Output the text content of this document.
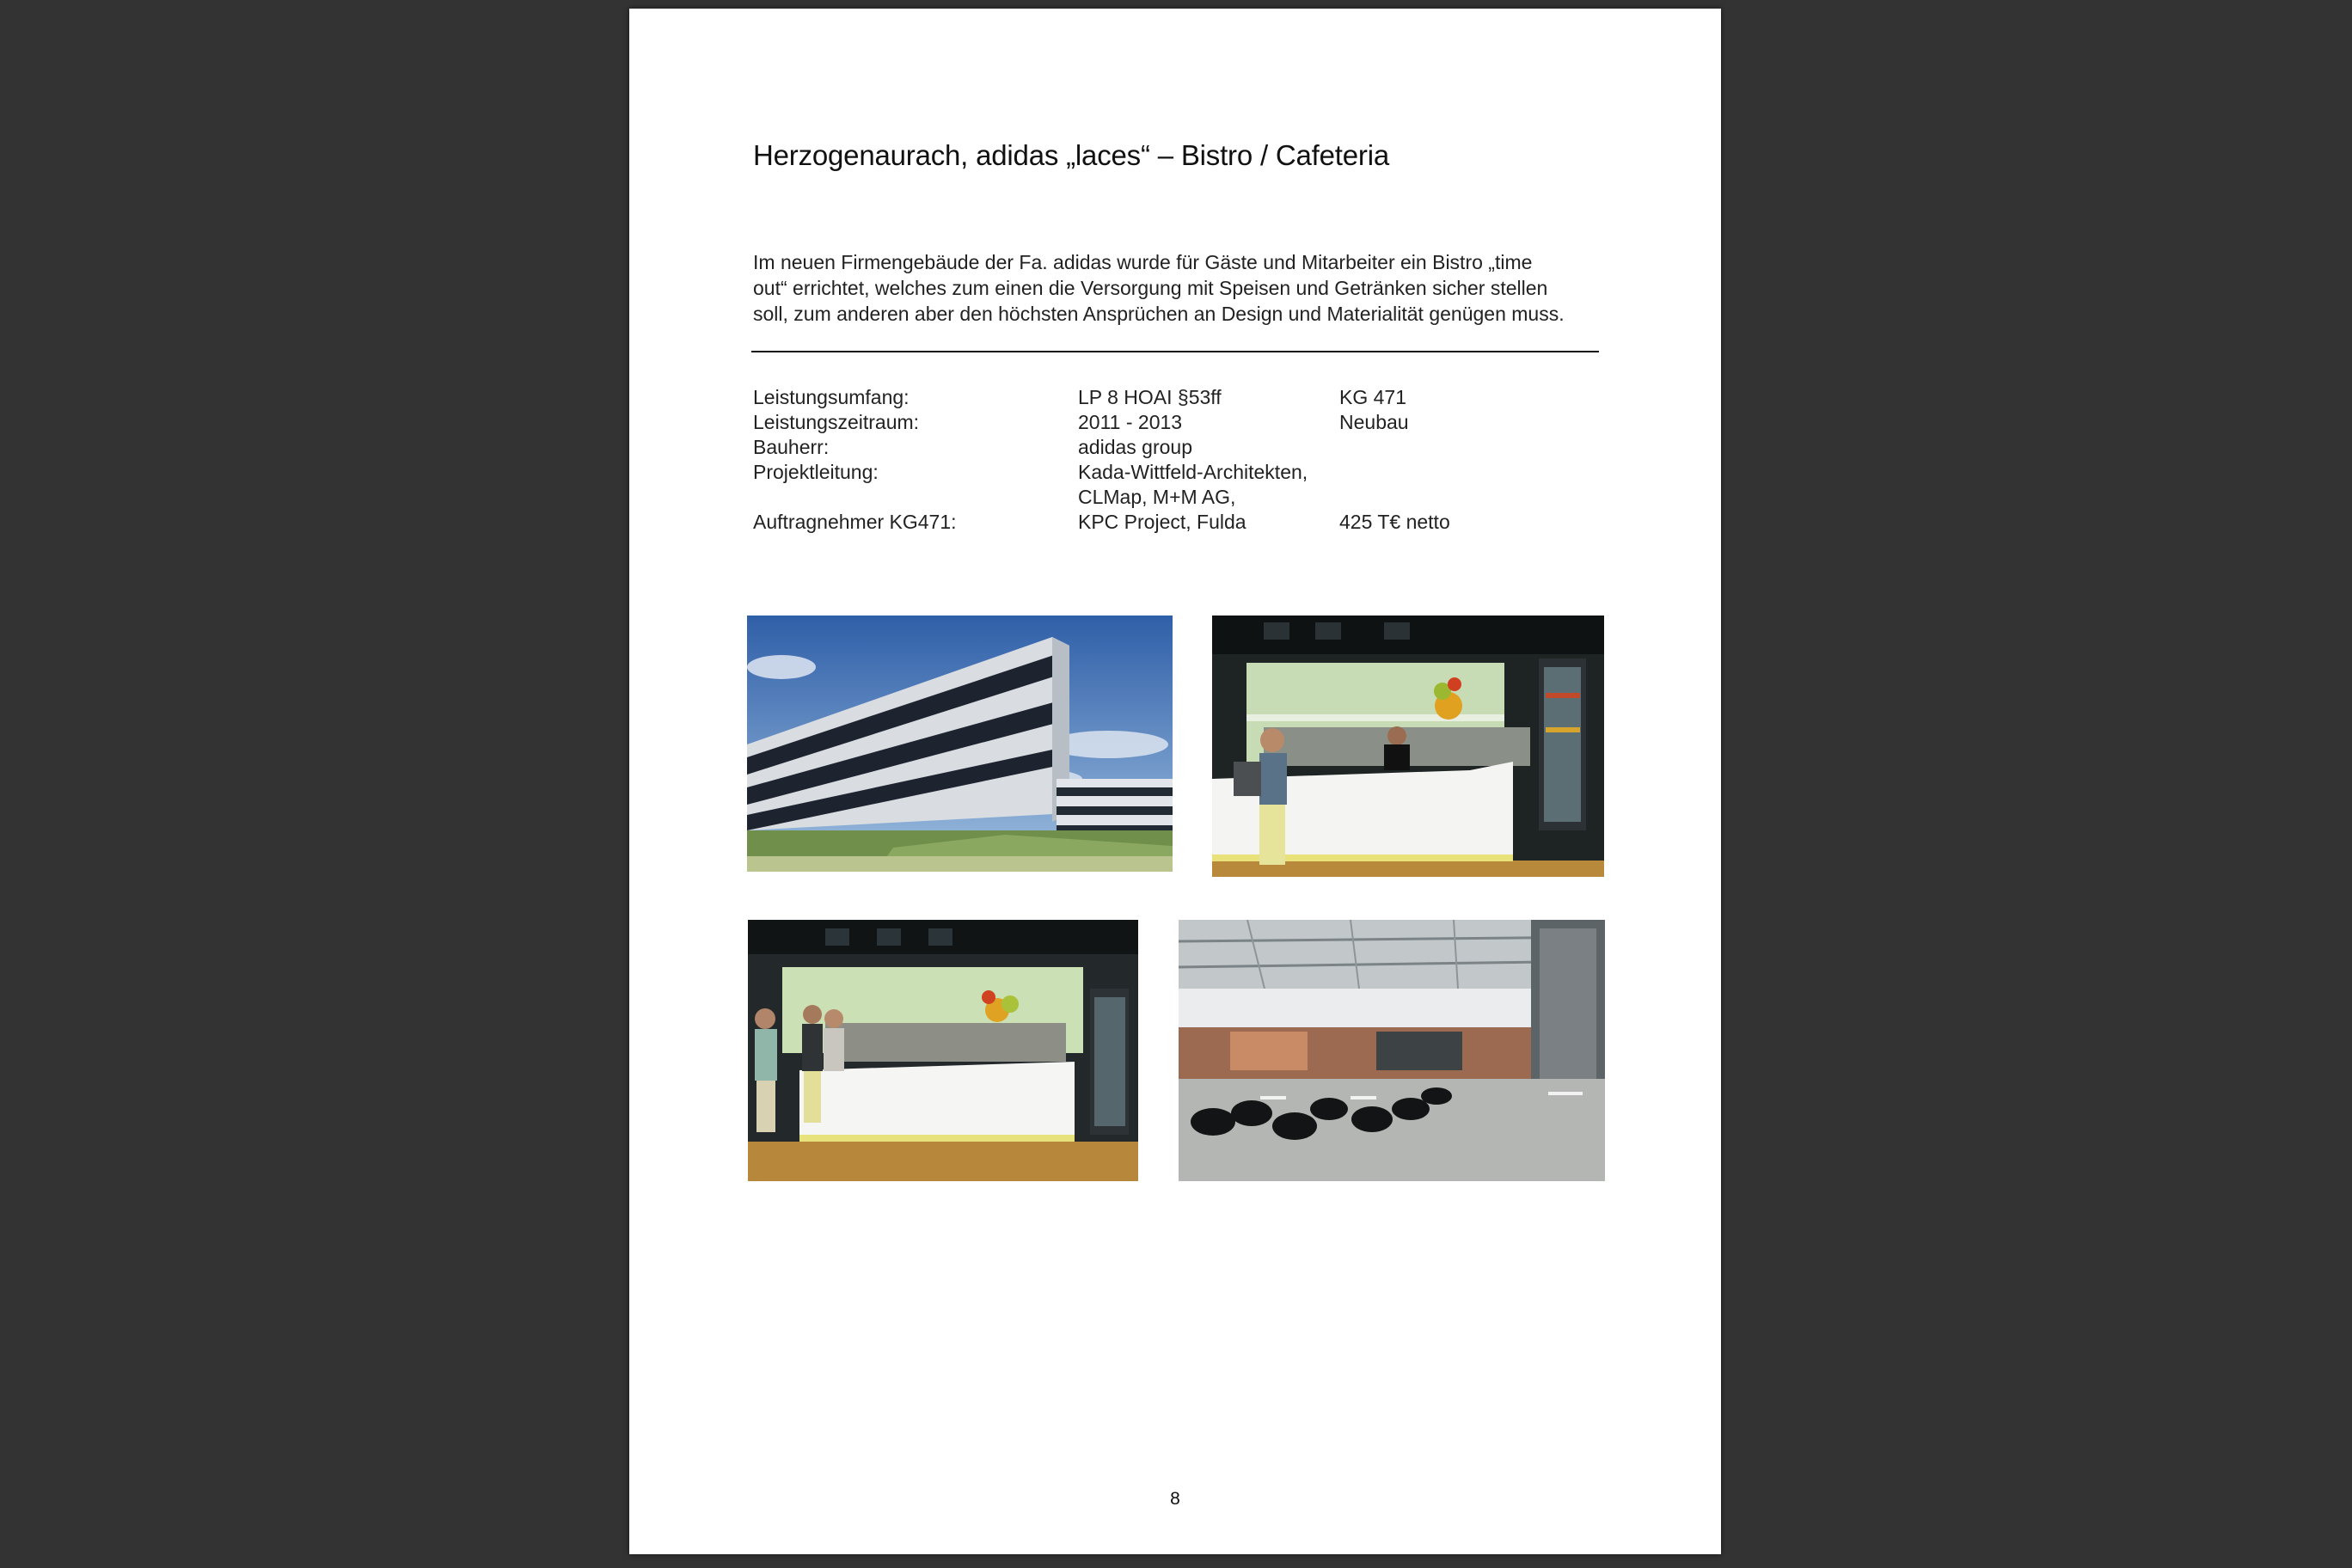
Herzogenaurach, adidas „laces“ – Bistro / Cafeteria

Im neuen Firmengebäude der Fa. adidas wurde für Gäste und Mitarbeiter ein Bistro „time

out“ errichtet, welches zum einen die Versorgung mit Speisen und Getränken sicher stellen

soll, zum anderen aber den höchsten Ansprüchen an Design und Materialität genügen muss.

Leistungsumfang:	LP 8 HOAI §53ff	KG 471
Leistungszeitraum:	2011 - 2013	Neubau
Bauherr:	adidas group
Projektleitung:	Kada-Wittfeld-Architekten,
CLMap, M+M AG,
Auftragnehmer KG471:	KPC Project, Fulda	425 T€ netto
8
